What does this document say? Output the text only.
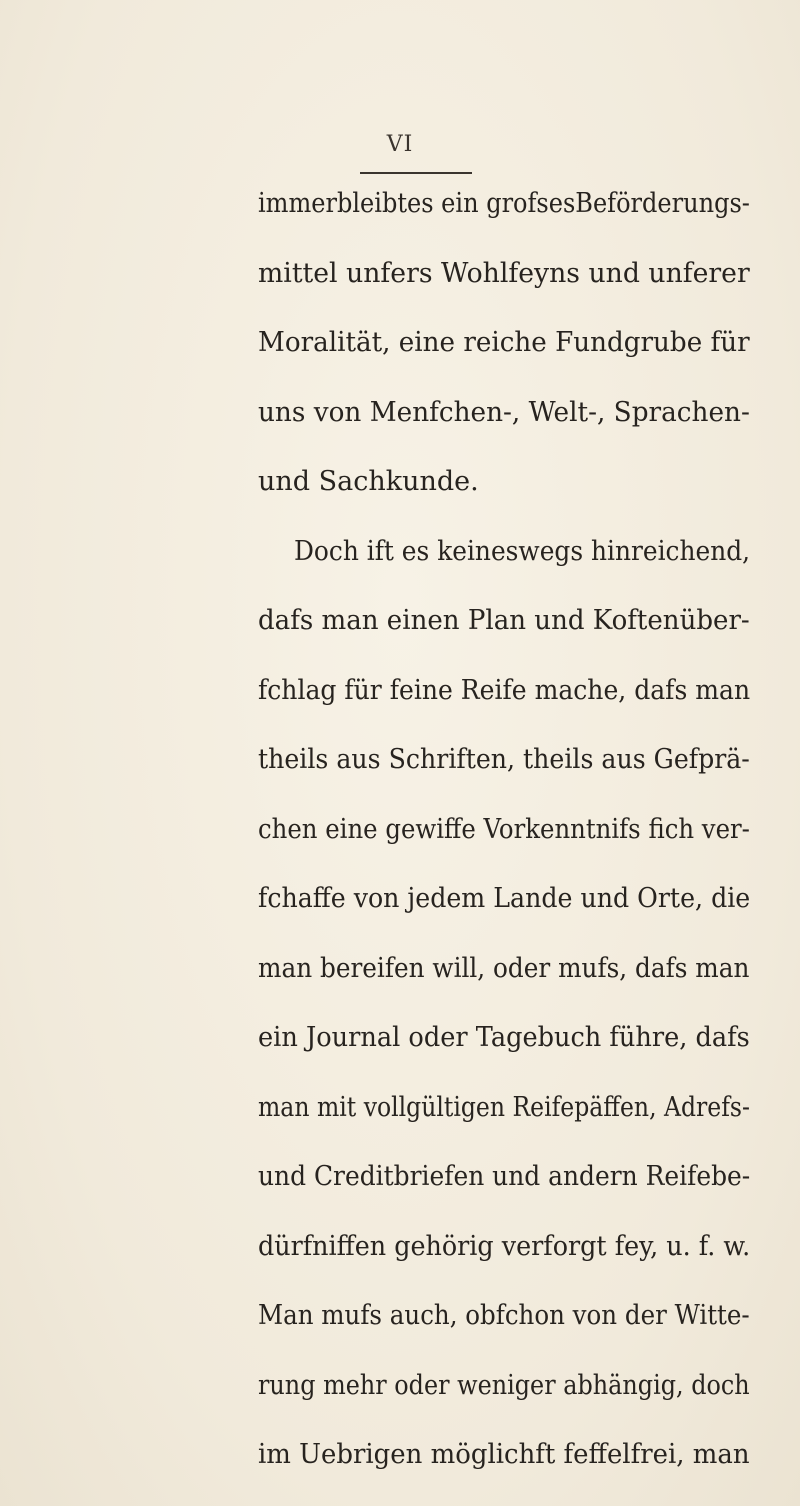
VI
immerbleibtes ein grofsesBeförderungs-
mittel unfers Wohlfeyns und unferer
Moralität, eine reiche Fundgrube für
uns von Menfchen-, Welt-, Sprachen-
und Sachkunde.
Doch ift es keineswegs hinreichend,
dafs man einen Plan und Koftenüber-
fchlag für feine Reife mache, dafs man
theils aus Schriften, theils aus Gefprä-
chen eine gewiffe Vorkenntnifs fich ver-
fchaffe von jedem Lande und Orte, die
man bereifen will, oder mufs, dafs man
ein Journal oder Tagebuch führe, dafs
man mit vollgültigen Reifepäffen, Adrefs-
und Creditbriefen und andern Reifebe-
dürfniffen gehörig verforgt fey, u. f. w.
Man mufs auch, obfchon von der Witte-
rung mehr oder weniger abhängig, doch
im Uebrigen möglichft feffelfrei, man
